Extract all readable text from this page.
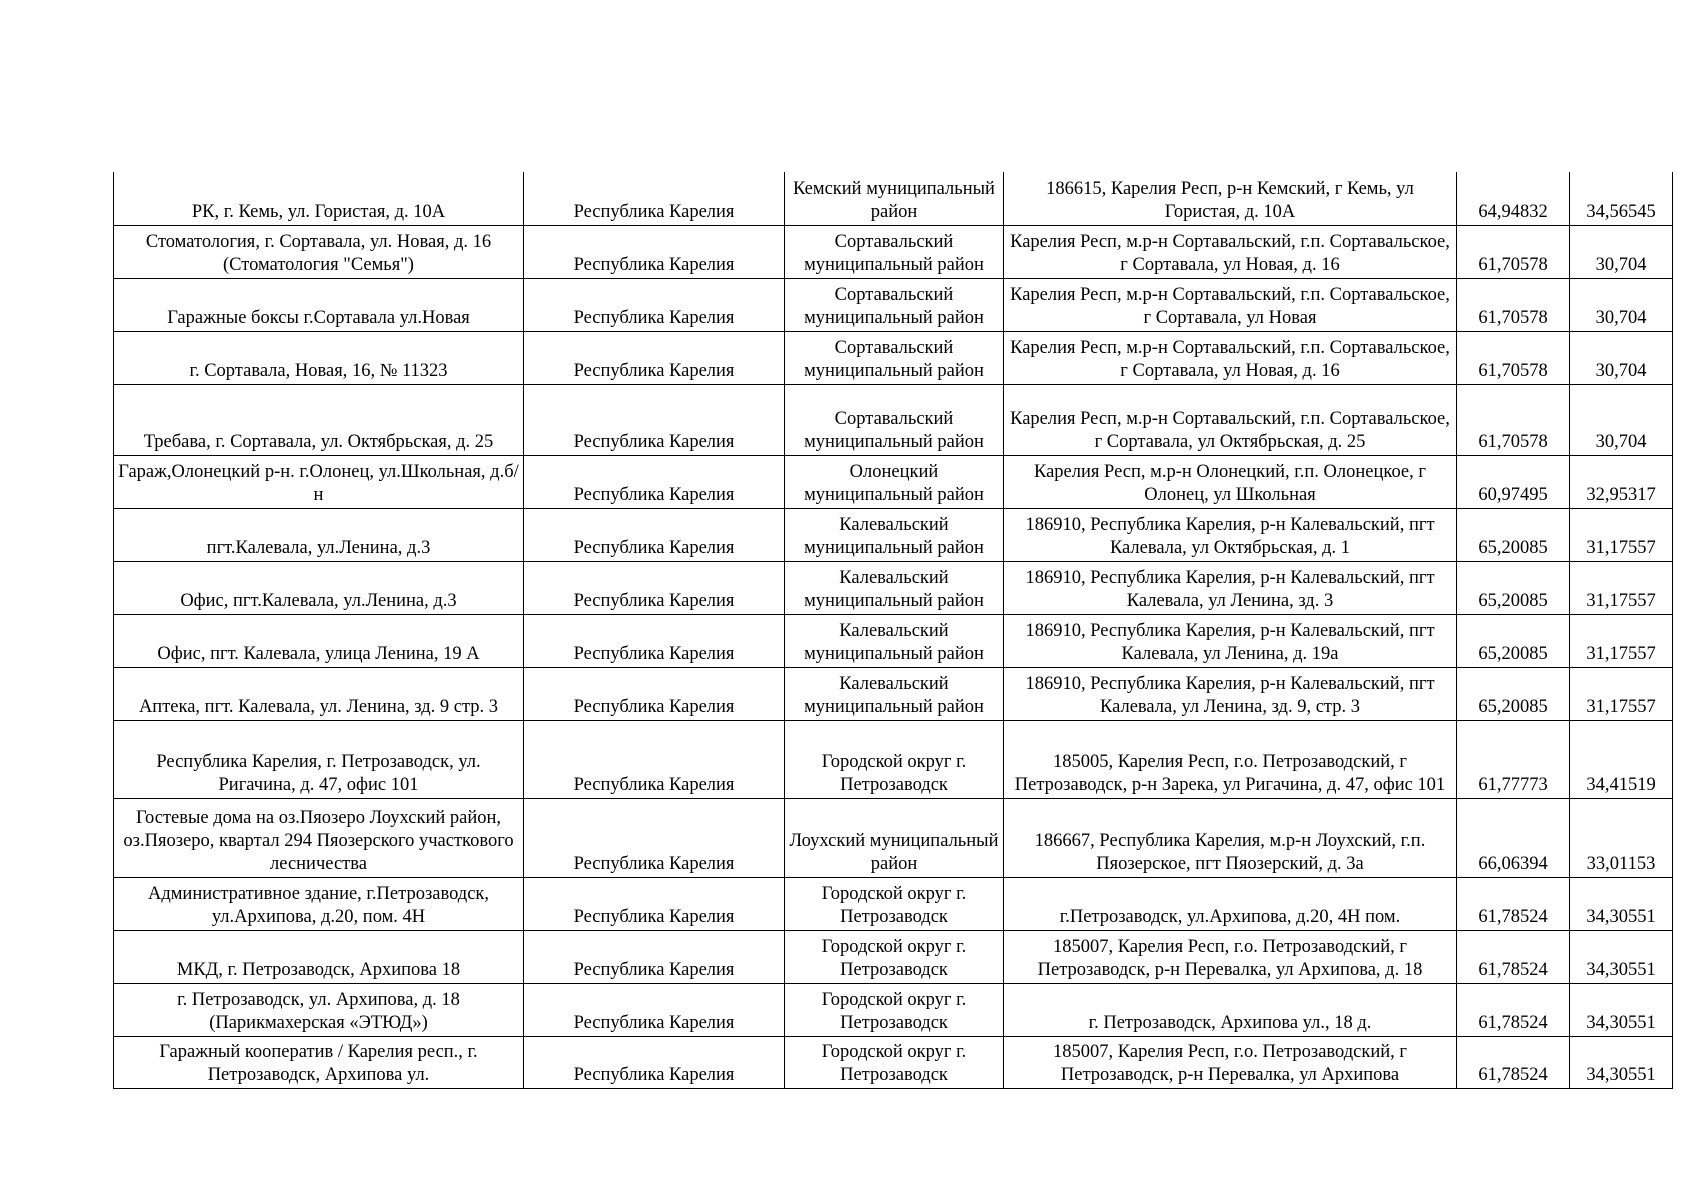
РК, г. Кемь, ул. Гористая, д. 10А	Республика Карелия	Кемский муниципальный район	186615, Карелия Респ, р-н Кемский, г Кемь, ул Гористая, д. 10А	64,94832	34,56545
Стоматология, г. Сортавала, ул. Новая, д. 16 (Стоматология "Семья")	Республика Карелия	Сортавальский муниципальный район	Карелия Респ, м.р-н Сортавальский, г.п. Сортавальское, г Сортавала, ул Новая, д. 16	61,70578	30,704
Гаражные боксы г.Сортавала ул.Новая	Республика Карелия	Сортавальский муниципальный район	Карелия Респ, м.р-н Сортавальский, г.п. Сортавальское, г Сортавала, ул Новая	61,70578	30,704
г. Сортавала, Новая, 16, № 11323	Республика Карелия	Сортавальский муниципальный район	Карелия Респ, м.р-н Сортавальский, г.п. Сортавальское, г Сортавала, ул Новая, д. 16	61,70578	30,704
Требава, г. Сортавала, ул. Октябрьская, д. 25	Республика Карелия	Сортавальский муниципальный район	Карелия Респ, м.р-н Сортавальский, г.п. Сортавальское, г Сортавала, ул Октябрьская, д. 25	61,70578	30,704
Гараж,Олонецкий р-н. г.Олонец, ул.Школьная, д.б/н	Республика Карелия	Олонецкий муниципальный район	Карелия Респ, м.р-н Олонецкий, г.п. Олонецкое, г Олонец, ул Школьная	60,97495	32,95317
пгт.Калевала, ул.Ленина, д.3	Республика Карелия	Калевальский муниципальный район	186910, Республика Карелия, р-н Калевальский, пгт Калевала, ул Октябрьская, д. 1	65,20085	31,17557
Офис, пгт.Калевала, ул.Ленина, д.3	Республика Карелия	Калевальский муниципальный район	186910, Республика Карелия, р-н Калевальский, пгт Калевала, ул Ленина, зд. 3	65,20085	31,17557
Офис, пгт. Калевала, улица Ленина, 19 А	Республика Карелия	Калевальский муниципальный район	186910, Республика Карелия, р-н Калевальский, пгт Калевала, ул Ленина, д. 19а	65,20085	31,17557
Аптека, пгт. Калевала, ул. Ленина, зд. 9 стр. 3	Республика Карелия	Калевальский муниципальный район	186910, Республика Карелия, р-н Калевальский, пгт Калевала, ул Ленина, зд. 9, стр. 3	65,20085	31,17557
Республика Карелия, г. Петрозаводск, ул. Ригачина, д. 47, офис 101	Республика Карелия	Городской округ г. Петрозаводск	185005, Карелия Респ, г.о. Петрозаводский, г Петрозаводск, р-н Зарека, ул Ригачина, д. 47, офис 101	61,77773	34,41519
Гостевые дома на оз.Пяозеро Лоухский район, оз.Пяозеро, квартал 294 Пяозерского участкового лесничества	Республика Карелия	Лоухский муниципальный район	186667, Республика Карелия, м.р-н Лоухский, г.п. Пяозерское, пгт Пяозерский, д. 3а	66,06394	33,01153
Административное здание, г.Петрозаводск, ул.Архипова, д.20, пом. 4Н	Республика Карелия	Городской округ г. Петрозаводск	г.Петрозаводск, ул.Архипова, д.20, 4Н пом.	61,78524	34,30551
МКД, г. Петрозаводск, Архипова 18	Республика Карелия	Городской округ г. Петрозаводск	185007, Карелия Респ, г.о. Петрозаводский, г Петрозаводск, р-н Перевалка, ул Архипова, д. 18	61,78524	34,30551
г. Петрозаводск, ул. Архипова, д. 18 (Парикмахерская «ЭТЮД»)	Республика Карелия	Городской округ г. Петрозаводск	г. Петрозаводск, Архипова ул., 18 д.	61,78524	34,30551
Гаражный кооператив / Карелия респ., г. Петрозаводск, Архипова ул.	Республика Карелия	Городской округ г. Петрозаводск	185007, Карелия Респ, г.о. Петрозаводский, г Петрозаводск, р-н Перевалка, ул Архипова	61,78524	34,30551
